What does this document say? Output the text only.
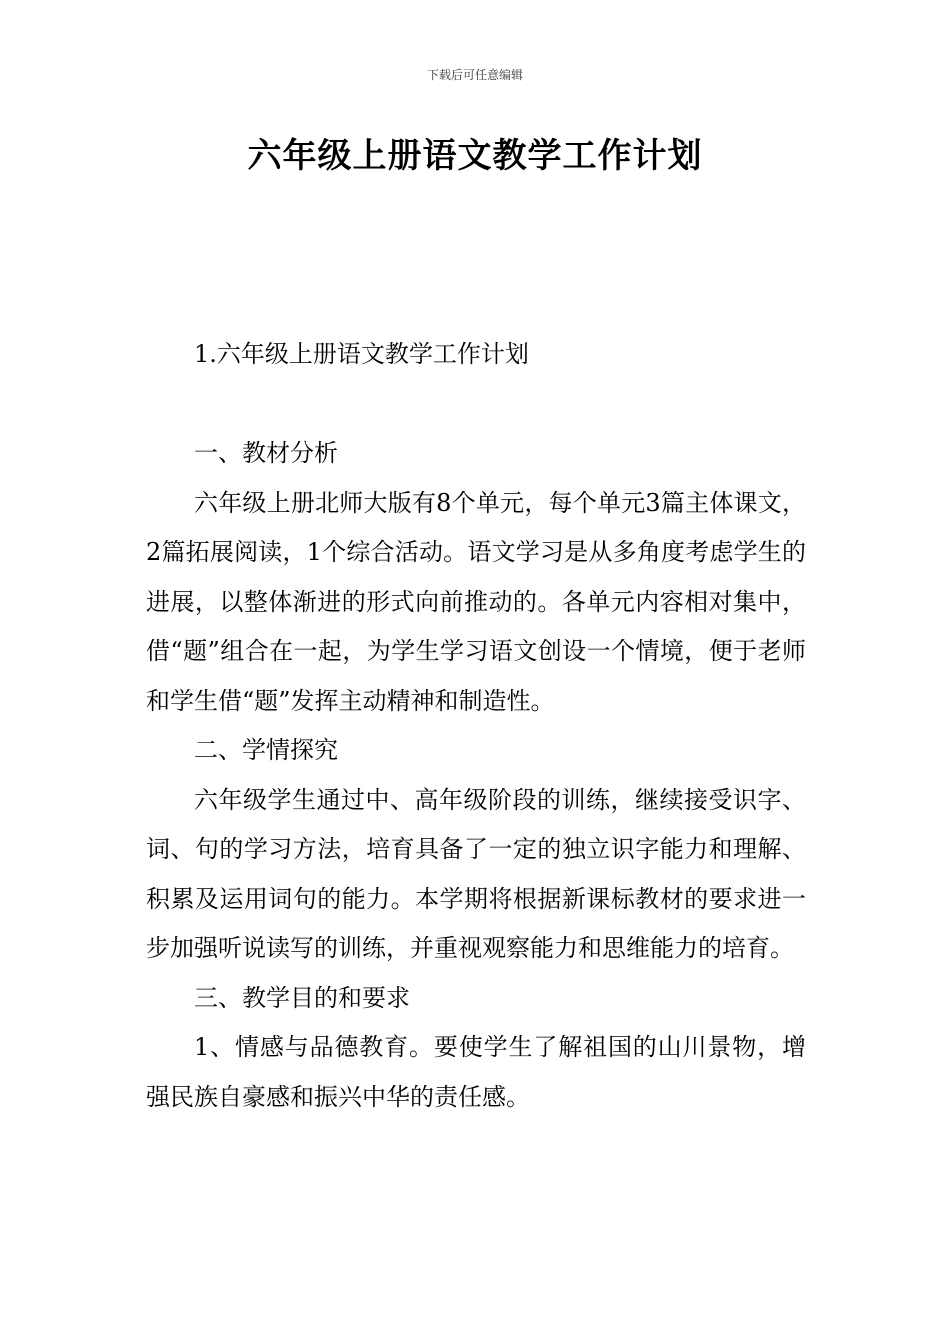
下载后可任意编辑
六年级上册语文教学工作计划

1.六年级上册语文教学工作计划

一、教材分析

六年级上册北师大版有8个单元，每个单元3篇主体课文，2篇拓展阅读，1个综合活动。语文学习是从多角度考虑学生的进展，以整体渐进的形式向前推动的。各单元内容相对集中，借“题”组合在一起，为学生学习语文创设一个情境，便于老师和学生借“题”发挥主动精神和制造性。

二、学情探究

六年级学生通过中、高年级阶段的训练，继续接受识字、词、句的学习方法，培育具备了一定的独立识字能力和理解、积累及运用词句的能力。本学期将根据新课标教材的要求进一步加强听说读写的训练，并重视观察能力和思维能力的培育。

三、教学目的和要求

1、情感与品德教育。要使学生了解祖国的山川景物，增强民族自豪感和振兴中华的责任感。
